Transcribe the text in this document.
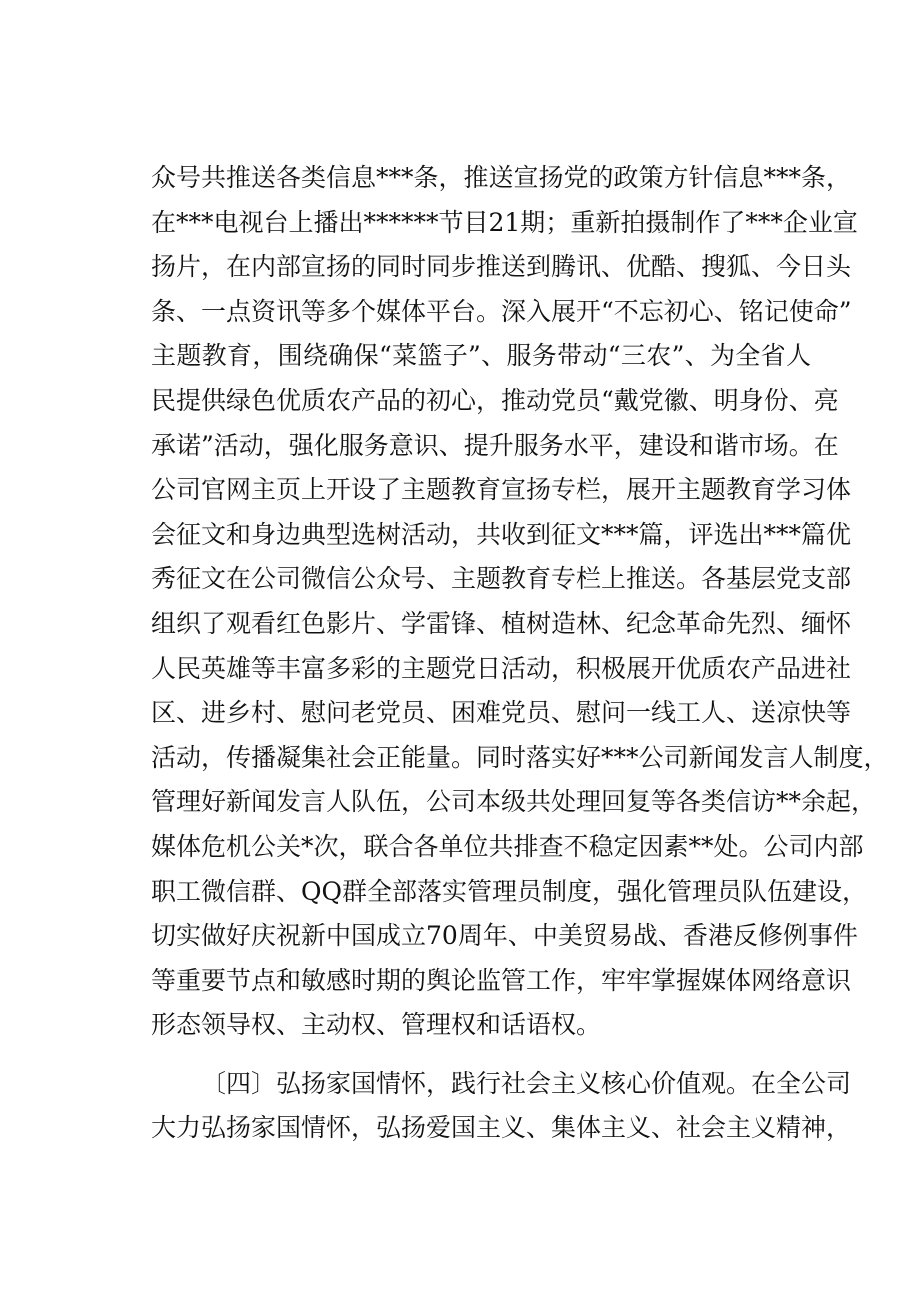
众号共推送各类信息***条，推送宣扬党的政策方针信息***条，
在***电视台上播出******节目21期；重新拍摄制作了***企业宣
扬片，在内部宣扬的同时同步推送到腾讯、优酷、搜狐、今日头
条、一点资讯等多个媒体平台。深入展开“不忘初心、铭记使命”
主题教育，围绕确保“菜篮子”、服务带动“三农”、为全省人
民提供绿色优质农产品的初心，推动党员“戴党徽、明身份、亮
承诺”活动，强化服务意识、提升服务水平，建设和谐市场。在
公司官网主页上开设了主题教育宣扬专栏，展开主题教育学习体
会征文和身边典型选树活动，共收到征文***篇，评选出***篇优
秀征文在公司微信公众号、主题教育专栏上推送。各基层党支部
组织了观看红色影片、学雷锋、植树造林、纪念革命先烈、缅怀
人民英雄等丰富多彩的主题党日活动，积极展开优质农产品进社
区、进乡村、慰问老党员、困难党员、慰问一线工人、送凉快等
活动，传播凝集社会正能量。同时落实好***公司新闻发言人制度，
管理好新闻发言人队伍，公司本级共处理回复等各类信访**余起，
媒体危机公关*次，联合各单位共排查不稳定因素**处。公司内部
职工微信群、QQ群全部落实管理员制度，强化管理员队伍建设，
切实做好庆祝新中国成立70周年、中美贸易战、香港反修例事件
等重要节点和敏感时期的舆论监管工作，牢牢掌握媒体网络意识
形态领导权、主动权、管理权和话语权。
〔四〕弘扬家国情怀，践行社会主义核心价值观。在全公司
大力弘扬家国情怀，弘扬爱国主义、集体主义、社会主义精神，
